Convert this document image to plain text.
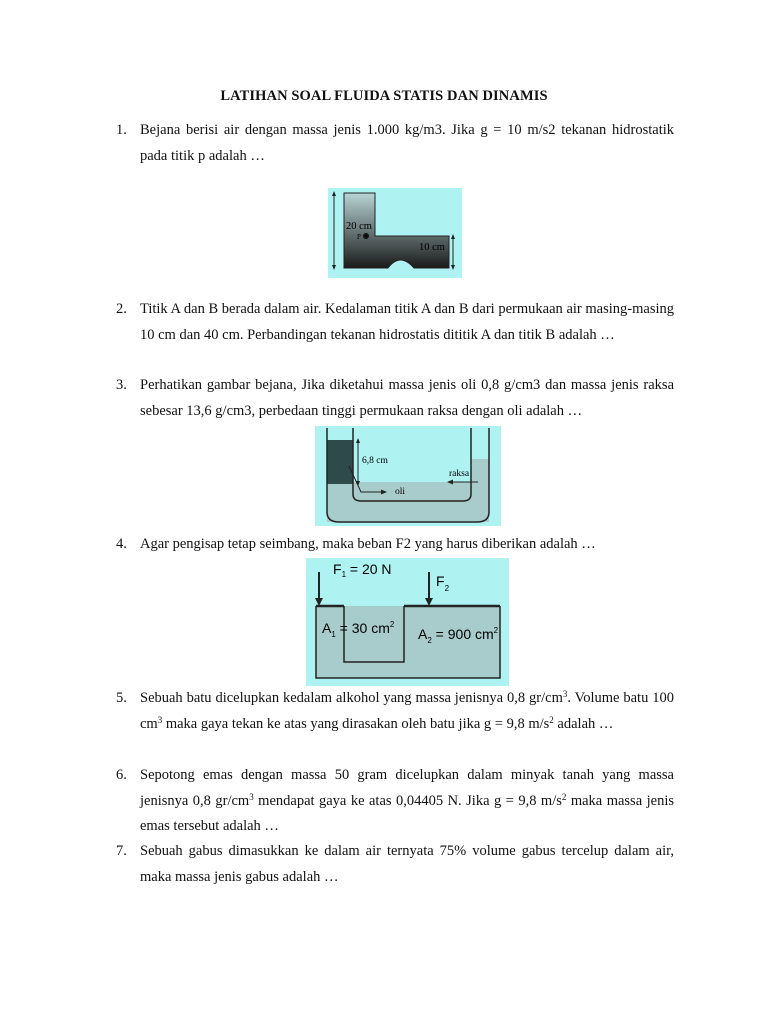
LATIHAN SOAL FLUIDA STATIS DAN DINAMIS
1. Bejana berisi air dengan massa jenis 1.000 kg/m3. Jika g = 10 m/s2 tekanan hidrostatik pada titik p adalah …
20 cm
P
10 cm
2. Titik A dan B berada dalam air. Kedalaman titik A dan B dari permukaan air masing-masing 10 cm dan 40 cm. Perbandingan tekanan hidrostatis dititik A dan titik B adalah …
3. Perhatikan gambar bejana, Jika diketahui massa jenis oli 0,8 g/cm3 dan massa jenis raksa sebesar 13,6 g/cm3, perbedaan tinggi permukaan raksa dengan oli adalah …
6,8 cm
oli
raksa
4. Agar pengisap tetap seimbang, maka beban F2 yang harus diberikan adalah …
$F_1 = 20$ N
$F_2$
$A_1 = 30$ $cm^2$
$A_2 = 900$ $cm^2$
5. Sebuah batu dicelupkan kedalam alkohol yang massa jenisnya 0,8 $gr/cm^3$. Volume batu 100 $cm^3$ maka gaya tekan ke atas yang dirasakan oleh batu jika g = 9,8 $m/s^2$ adalah …
6. Sepotong emas dengan massa 50 gram dicelupkan dalam minyak tanah yang massa jenisnya 0,8 $gr/cm^3$ mendapat gaya ke atas 0,04405 N. Jika g = 9,8 $m/s^2$ maka massa jenis emas tersebut adalah …
7. Sebuah gabus dimasukkan ke dalam air ternyata 75% volume gabus tercelup dalam air, maka massa jenis gabus adalah …
